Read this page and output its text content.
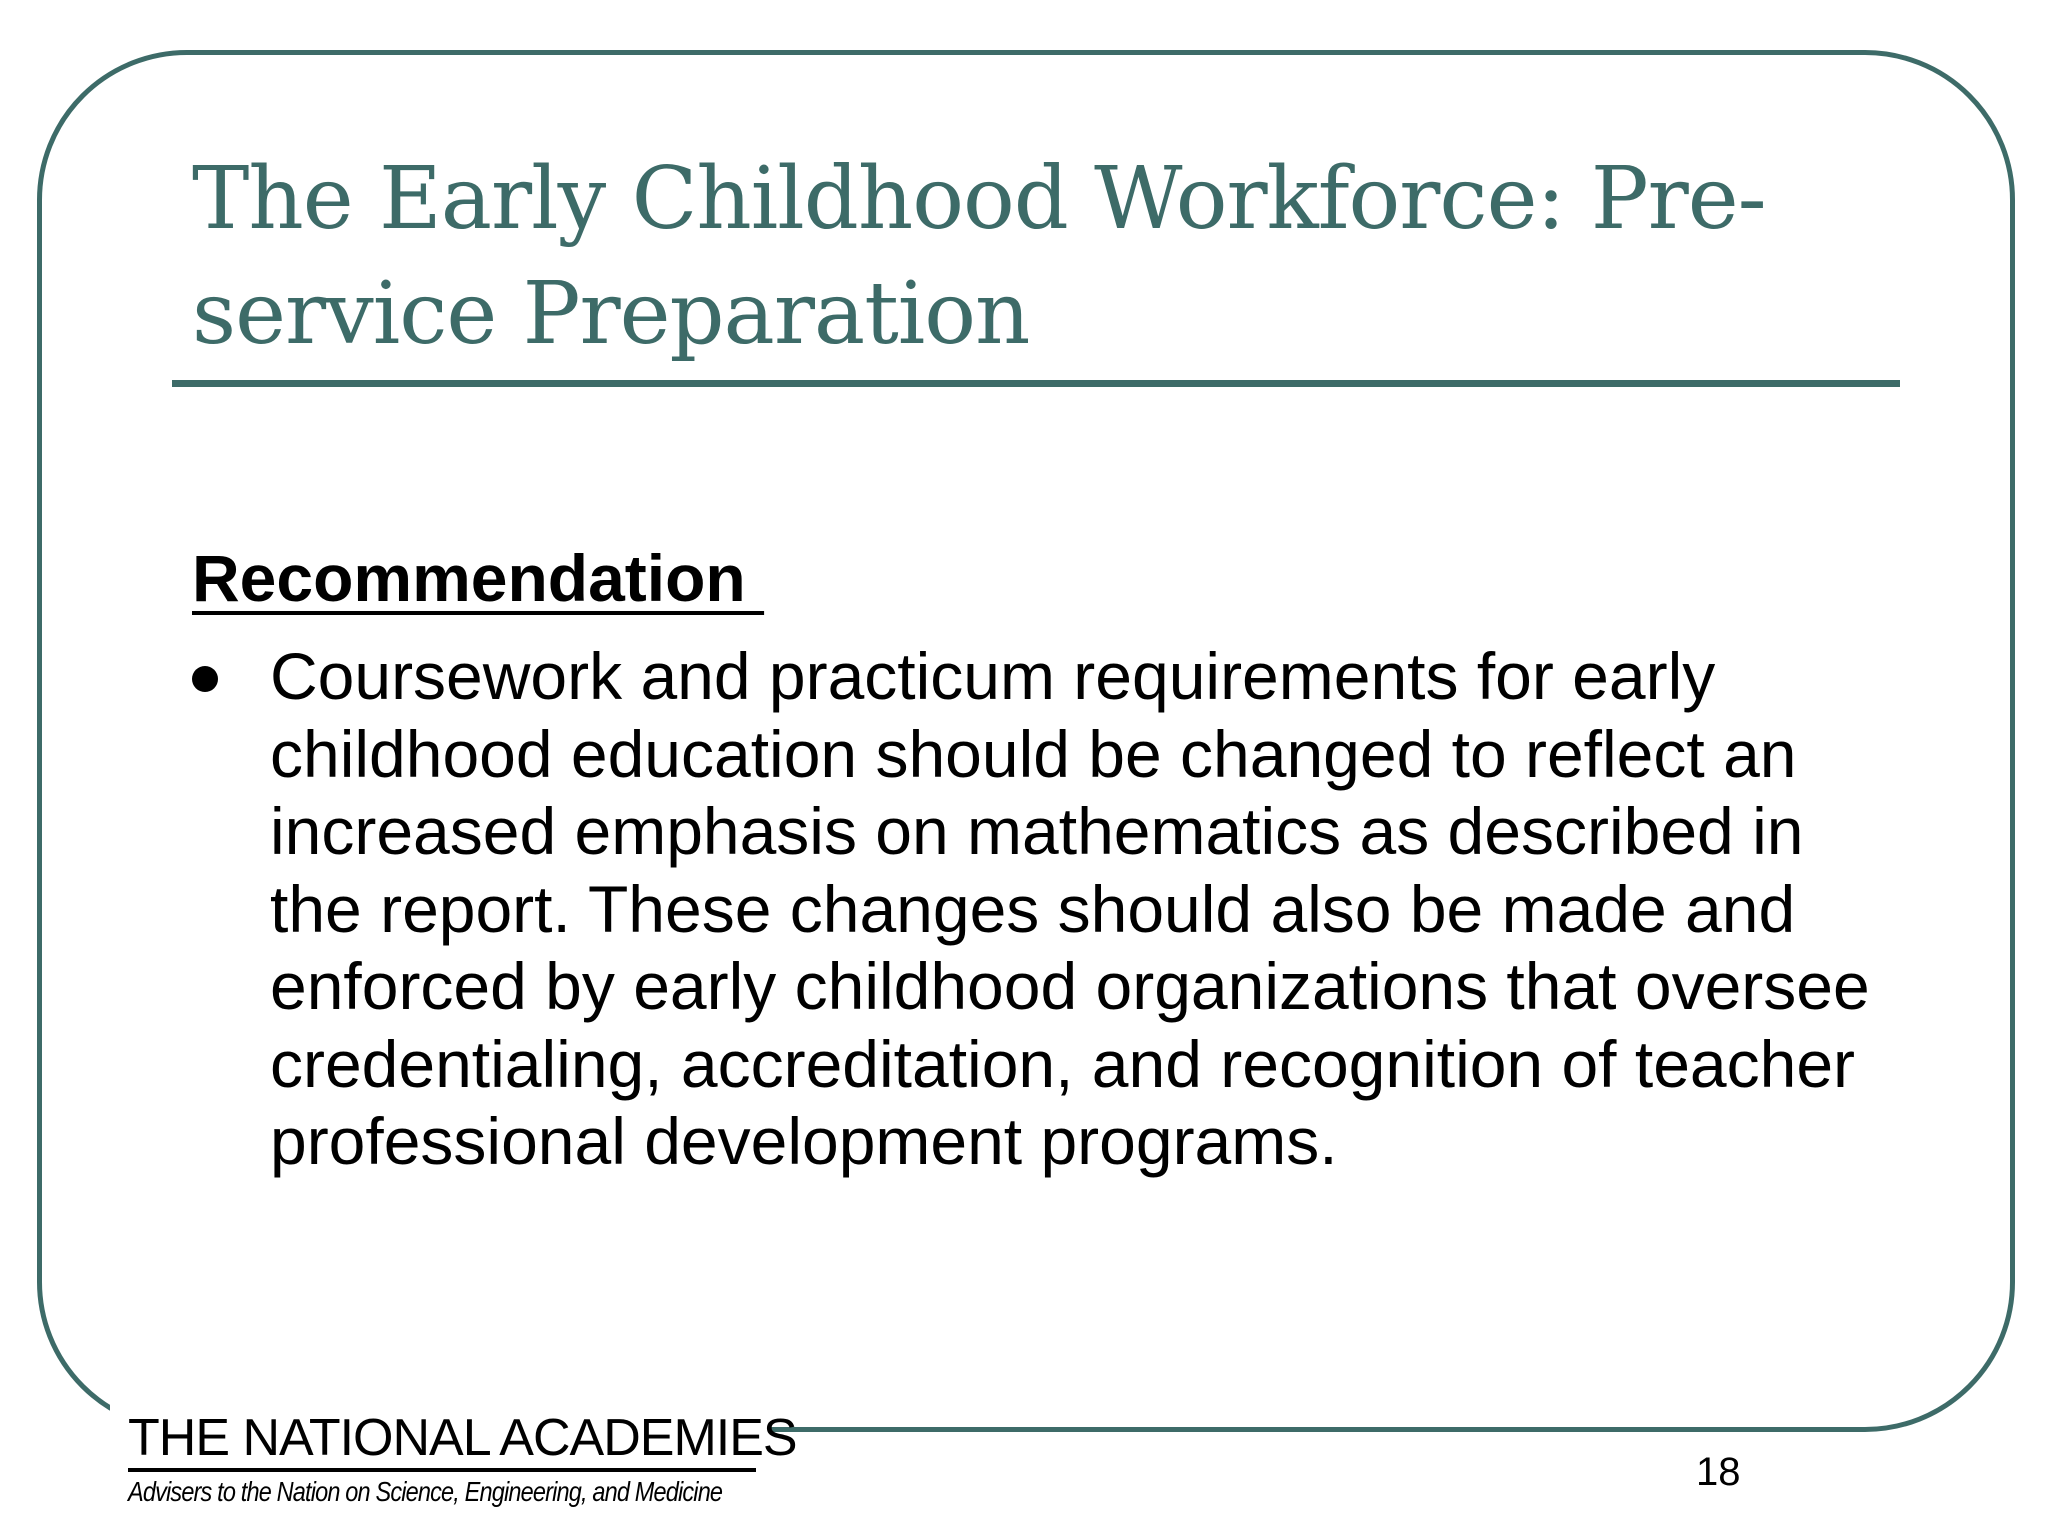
The Early Childhood Workforce: Pre-service Preparation
Recommendation

Coursework and practicum requirements for early childhood education should be changed to reflect an increased emphasis on mathematics as described in the report. These changes should also be made and enforced by early childhood organizations that oversee credentialing, accreditation, and recognition of teacher professional development programs.

THE NATIONAL ACADEMIES
Advisers to the Nation on Science, Engineering, and Medicine	18
